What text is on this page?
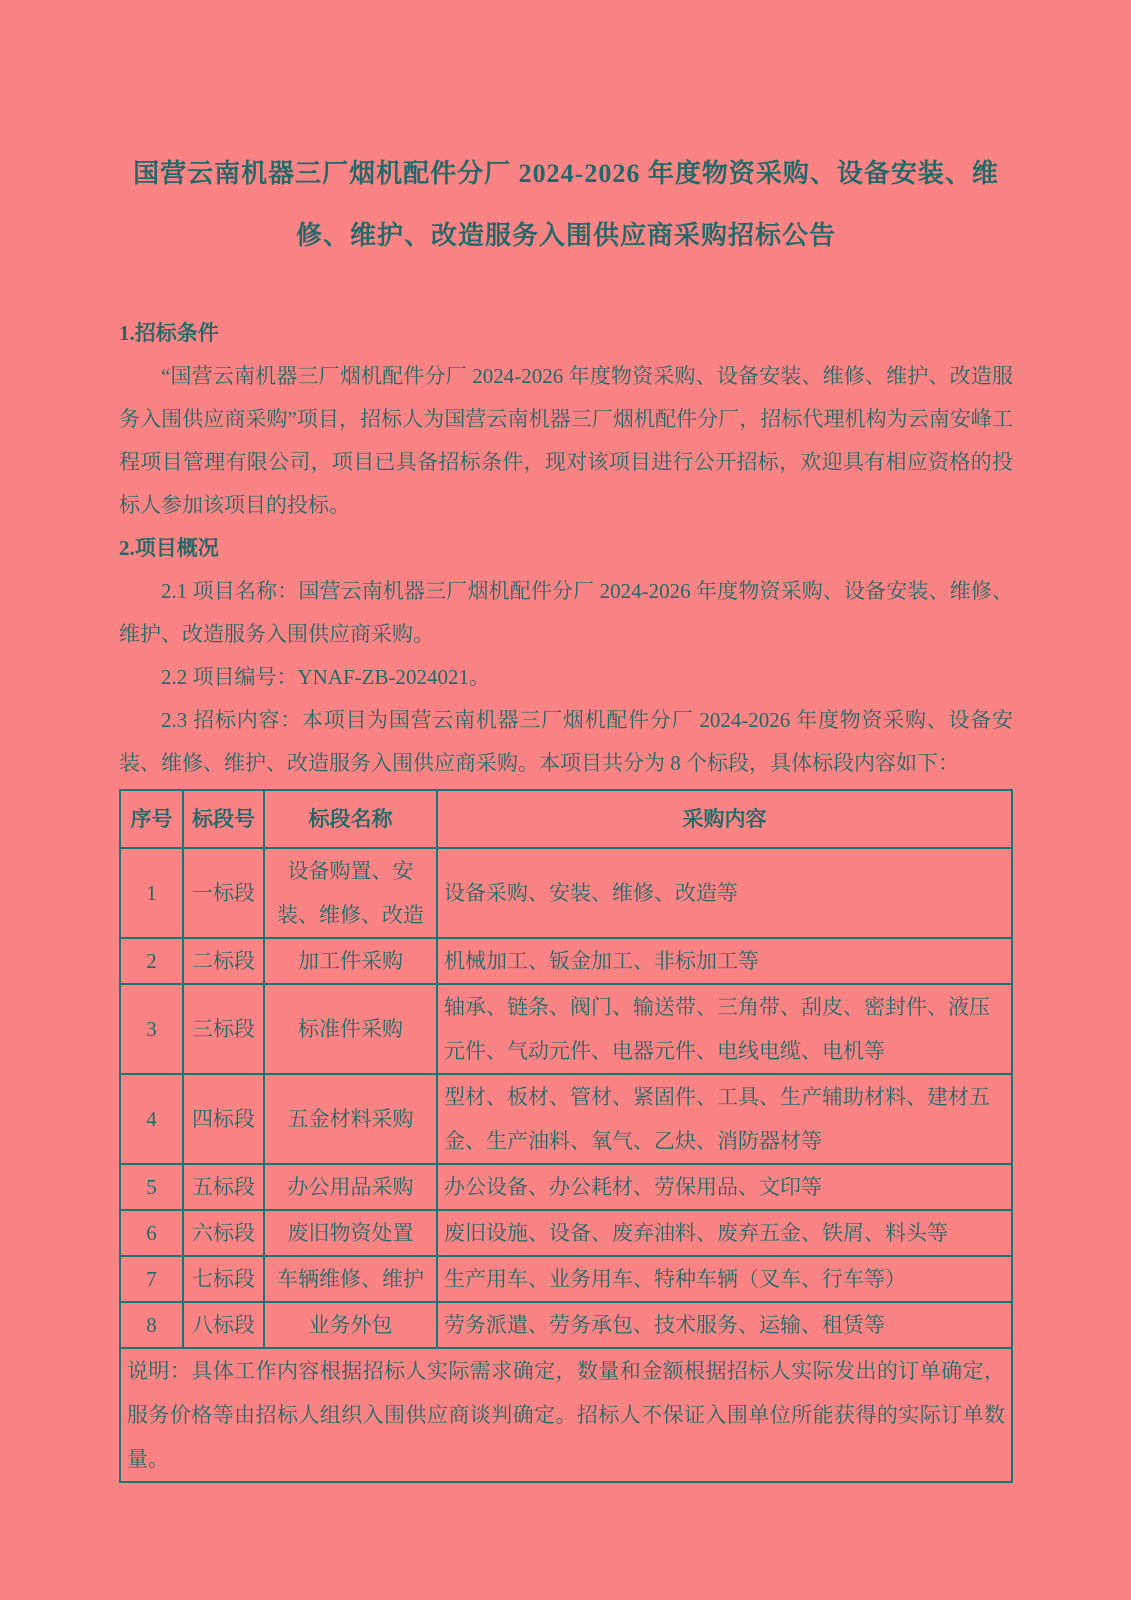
国营云南机器三厂烟机配件分厂 2024-2026 年度物资采购、设备安装、维
修、维护、改造服务入围供应商采购招标公告

1.招标条件

“国营云南机器三厂烟机配件分厂 2024-2026 年度物资采购、设备安装、维修、维护、改造服务入围供应商采购”项目，招标人为国营云南机器三厂烟机配件分厂，招标代理机构为云南安峰工程项目管理有限公司，项目已具备招标条件，现对该项目进行公开招标，欢迎具有相应资格的投标人参加该项目的投标。

2.项目概况

2.1 项目名称：国营云南机器三厂烟机配件分厂 2024-2026 年度物资采购、设备安装、维修、维护、改造服务入围供应商采购。

2.2 项目编号：YNAF-ZB-2024021。

2.3 招标内容：本项目为国营云南机器三厂烟机配件分厂 2024-2026 年度物资采购、设备安装、维修、维护、改造服务入围供应商采购。本项目共分为 8 个标段，具体标段内容如下：

序号	标段号	标段名称	采购内容
1	一标段	设备购置、安装、维修、改造	设备采购、安装、维修、改造等
2	二标段	加工件采购	机械加工、钣金加工、非标加工等
3	三标段	标准件采购	轴承、链条、阀门、输送带、三角带、刮皮、密封件、液压元件、气动元件、电器元件、电线电缆、电机等
4	四标段	五金材料采购	型材、板材、管材、紧固件、工具、生产辅助材料、建材五金、生产油料、氧气、乙炔、消防器材等
5	五标段	办公用品采购	办公设备、办公耗材、劳保用品、文印等
6	六标段	废旧物资处置	废旧设施、设备、废弃油料、废弃五金、铁屑、料头等
7	七标段	车辆维修、维护	生产用车、业务用车、特种车辆（叉车、行车等）
8	八标段	业务外包	劳务派遣、劳务承包、技术服务、运输、租赁等
说明：具体工作内容根据招标人实际需求确定，数量和金额根据招标人实际发出的订单确定，服务价格等由招标人组织入围供应商谈判确定。招标人不保证入围单位所能获得的实际订单数量。			
